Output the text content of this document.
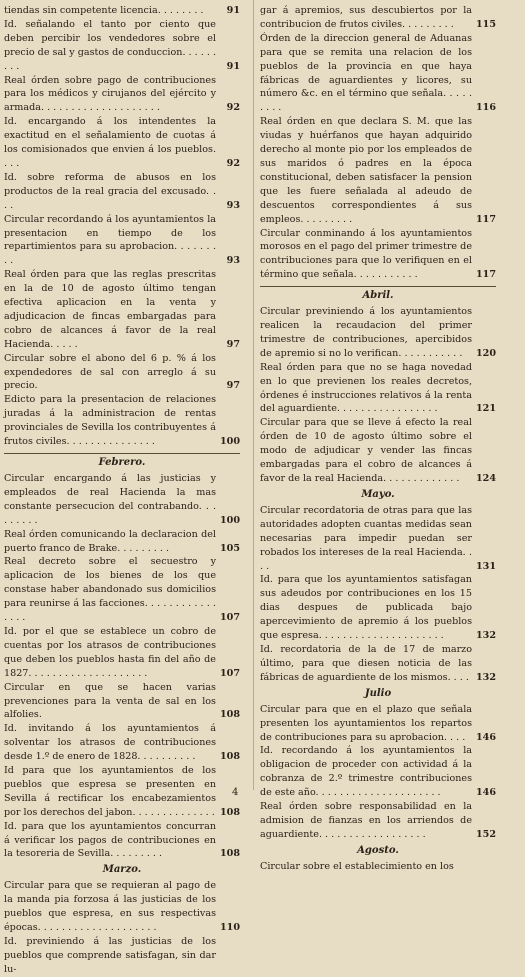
tiendas sin competente licencia. . . . . . . . 91
Id. señalando el tanto por ciento que deben percibir los vendedores sobre el precio de sal y gastos de conduccion. . . . . . . . .	91
Real órden sobre pago de contribuciones para los médicos y cirujanos del ejército y armada. . . . . . . . . . . . . . . . . . . .	92
Id. encargando á los intendentes la exactitud en el señalamiento de cuotas á los comisionados que envien á los pueblos. . . .	92
Id. sobre reforma de abusos en los productos de la real gracia del excusado. . . .	93
Circular recordando á los ayuntamientos la presentacion en tiempo de los repartimientos para su aprobacion. . . . . . . . .	93
Real órden para que las reglas prescritas en la de 10 de agosto último tengan efectiva aplicacion en la venta y adjudicacion de fincas embargadas para cobro de alcances á favor de la real Hacienda. . . . .	97
Circular sobre el abono del 6 p. % á los expendedores de sal con arreglo á su precio.	97
Edicto para la presentacion de relaciones juradas á la administracion de rentas provinciales de Sevilla los contribuyentes á frutos civiles. . . . . . . . . . . . . . .	100
Febrero.
Circular encargando á las justicias y empleados de real Hacienda la mas constante persecucion del contrabando. . . . . . . . .	100
Real órden comunicando la declaracion del puerto franco de Brake. . . . . . . . .	105
Real decreto sobre el secuestro y aplicacion de los bienes de los que constase haber abandonado sus domicilios para reunirse á las facciones. . . . . . . . . . . . . . . .	107
Id. por el que se establece un cobro de cuentas por los atrasos de contribuciones que deben los pueblos hasta fin del año de 1827. . . . . . . . . . . . . . . . . . . .	107
Circular en que se hacen varias prevenciones para la venta de sal en los alfolies.	108
Id. invitando á los ayuntamientos á solventar los atrasos de contribuciones desde 1.º de enero de 1828. . . . . . . . . .	108
Id para que los ayuntamientos de los pueblos que espresa se presenten en Sevilla á rectificar los encabezamientos por los derechos del jabon. . . . . . . . . . . . . . 108
Id. para que los ayuntamientos concurran á verificar los pagos de contribuciones en la tesoreria de Sevilla. . . . . . . . .	108
Marzo.
Circular para que se requieran al pago de la manda pia forzosa á las justicias de los pueblos que espresa, en sus respectivas épocas. . . . . . . . . . . . . . . . . . . .	110
Id. previniendo á las justicias de los pueblos que comprende satisfagan, sin dar lu-
gar á apremios, sus descubiertos por la contribucion de frutos civiles. . . . . . . . . 115
Órden de la direccion general de Aduanas para que se remita una relacion de los pueblos de la provincia en que haya fábricas de aguardientes y licores, su número &c. en el término que señala. . . . . . . . .	116
Real órden en que declara S. M. que las viudas y huérfanos que hayan adquirido derecho al monte pio por los empleados de sus maridos ó padres en la época constitucional, deben satisfacer la pension que les fuere señalada al adeudo de descuentos correspondientes á sus empleos. . . . . . . . .	117
Circular conminando á los ayuntamientos morosos en el pago del primer trimestre de contribuciones para que lo verifiquen en el término que señala. . . . . . . . . . .	117
Abril.
Circular previniendo á los ayuntamientos realicen la recaudacion del primer trimestre de contribuciones, apercibidos de apremio si no lo verifican. . . . . . . . . . . 120
Real órden para que no se haga novedad en lo que previenen los reales decretos, órdenes é instrucciones relativos á la renta del aguardiente. . . . . . . . . . . . . . . . .	121
Circular para que se lleve á efecto la real órden de 10 de agosto último sobre el modo de adjudicar y vender las fincas embargadas para el cobro de alcances á favor de la real Hacienda. . . . . . . . . . . . . 124
Mayo.
Circular recordatoria de otras para que las autoridades adopten cuantas medidas sean necesarias para impedir puedan ser robados los intereses de la real Hacienda. . . .	131
Id. para que los ayuntamientos satisfagan sus adeudos por contribuciones en los 15 dias despues de publicada bajo apercevimiento de apremio á los pueblos que espresa. . . . . . . . . . . . . . . . . . . . .	132
Id. recordatoria de la de 17 de marzo último, para que diesen noticia de las fábricas de aguardiente de los mismos. . . . 132
Julio
Circular para que en el plazo que señala presenten los ayuntamientos los repartos de contribuciones para su aprobacion. . . . 146
Id. recordando á los ayuntamientos la obligacion de proceder con actividad á la cobranza de 2.º trimestre contribuciones de este año. . . . . . . . . . . . . . . . . . . . .	146
Real órden sobre responsabilidad en la admision de fianzas en los arriendos de aguardiente. . . . . . . . . . . . . . . . . .	152
Agosto.
Circular sobre el establecimiento en los
4
